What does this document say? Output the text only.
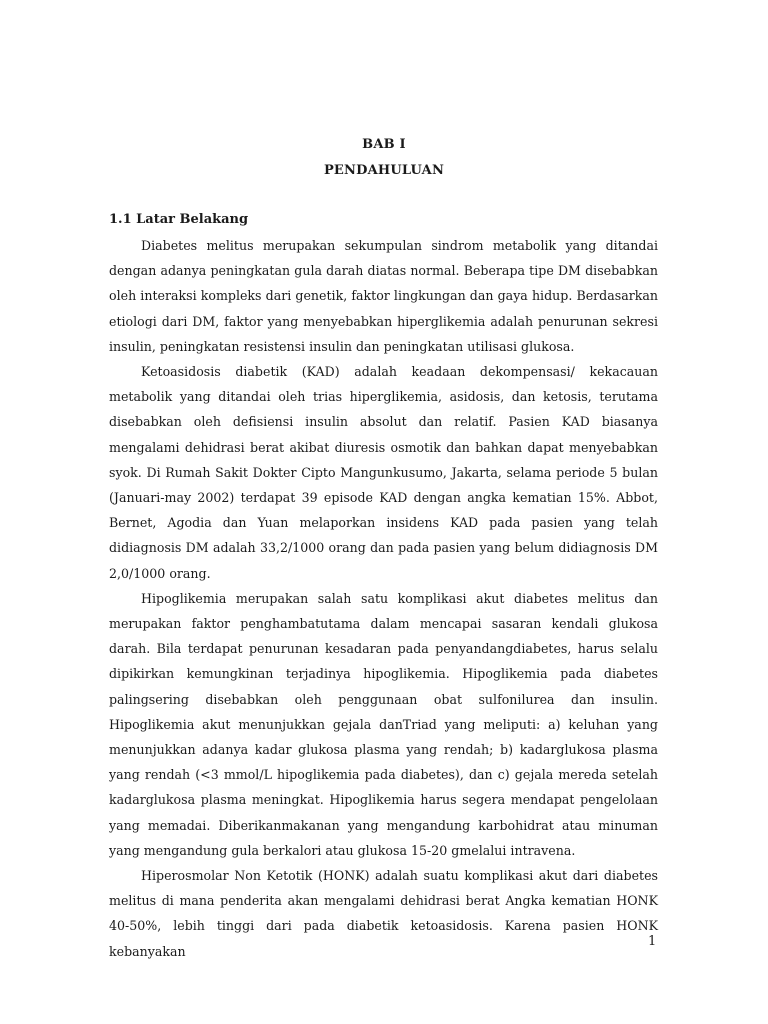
BAB I
PENDAHULUAN
1.1 Latar Belakang

Diabetes melitus merupakan sekumpulan sindrom metabolik yang ditandai dengan adanya peningkatan gula darah diatas normal. Beberapa tipe DM disebabkan oleh interaksi kompleks dari genetik, faktor lingkungan dan gaya hidup. Berdasarkan etiologi dari DM, faktor yang menyebabkan hiperglikemia adalah penurunan sekresi insulin, peningkatan resistensi insulin dan peningkatan utilisasi glukosa.

Ketoasidosis diabetik (KAD) adalah keadaan dekompensasi/ kekacauan metabolik yang ditandai oleh trias hiperglikemia, asidosis, dan ketosis, terutama disebabkan oleh defisiensi insulin absolut dan relatif. Pasien KAD biasanya mengalami dehidrasi berat akibat diuresis osmotik dan bahkan dapat menyebabkan syok. Di Rumah Sakit Dokter Cipto Mangunkusumo, Jakarta, selama periode 5 bulan (Januari-may 2002) terdapat 39 episode KAD dengan angka kematian 15%. Abbot, Bernet, Agodia dan Yuan melaporkan insidens KAD pada pasien yang telah didiagnosis DM adalah 33,2/1000 orang dan pada pasien yang belum didiagnosis DM 2,0/1000 orang.

Hipoglikemia merupakan salah satu komplikasi akut diabetes melitus dan merupakan faktor penghambatutama dalam mencapai sasaran kendali glukosa darah. Bila terdapat penurunan kesadaran pada penyandangdiabetes, harus selalu dipikirkan kemungkinan terjadinya hipoglikemia. Hipoglikemia pada diabetes palingsering disebabkan oleh penggunaan obat sulfonilurea dan insulin. Hipoglikemia akut menunjukkan gejala danTriad yang meliputi: a) keluhan yang menunjukkan adanya kadar glukosa plasma yang rendah; b) kadarglukosa plasma yang rendah (<3 mmol/L hipoglikemia pada diabetes), dan c) gejala mereda setelah kadarglukosa plasma meningkat. Hipoglikemia harus segera mendapat pengelolaan yang memadai. Diberikanmakanan yang mengandung karbohidrat atau minuman yang mengandung gula berkalori atau glukosa 15-20 gmelalui intravena.

Hiperosmolar Non Ketotik (HONK) adalah suatu komplikasi akut dari diabetes melitus di mana penderita akan mengalami dehidrasi berat Angka kematian HONK 40-50%, lebih tinggi dari pada diabetik ketoasidosis. Karena pasien HONK kebanyakan

1
